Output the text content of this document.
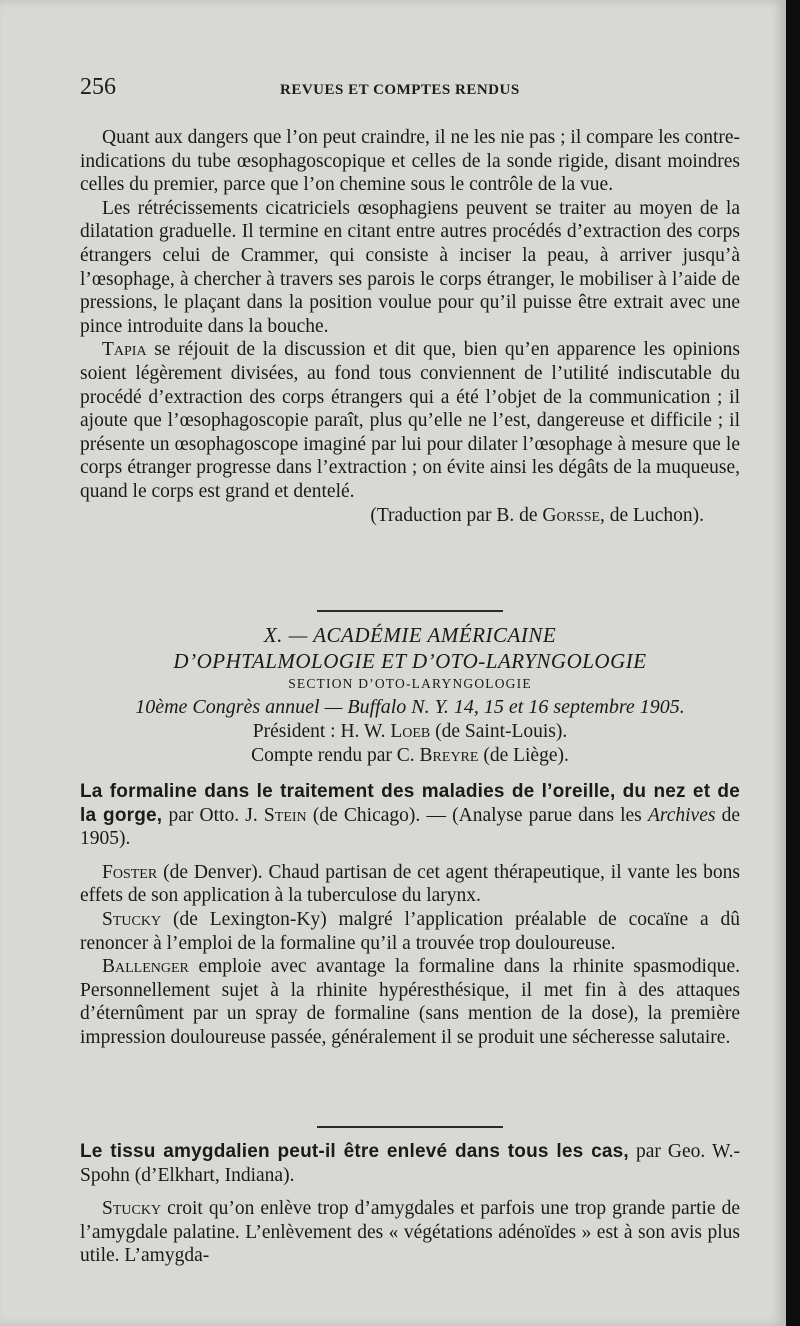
256	REVUES ET COMPTES RENDUS

Quant aux dangers que l’on peut craindre, il ne les nie pas ; il compare les contre-indications du tube œsophagoscopique et celles de la sonde rigide, disant moindres celles du premier, parce que l’on chemine sous le contrôle de la vue.

Les rétrécissements cicatriciels œsophagiens peuvent se traiter au moyen de la dilatation graduelle. Il termine en citant entre autres procédés d’extraction des corps étrangers celui de Crammer, qui consiste à inciser la peau, à arriver jusqu’à l’œsophage, à chercher à travers ses parois le corps étranger, le mobiliser à l’aide de pressions, le plaçant dans la position voulue pour qu’il puisse être extrait avec une pince introduite dans la bouche.

Tapia se réjouit de la discussion et dit que, bien qu’en apparence les opinions soient légèrement divisées, au fond tous conviennent de l’utilité indiscutable du procédé d’extraction des corps étrangers qui a été l’objet de la communication ; il ajoute que l’œsophagoscopie paraît, plus qu’elle ne l’est, dangereuse et difficile ; il présente un œsophagoscope imaginé par lui pour dilater l’œsophage à mesure que le corps étranger progresse dans l’extraction ; on évite ainsi les dégâts de la muqueuse, quand le corps est grand et dentelé.

(Traduction par B. de Gorsse, de Luchon).

X. — ACADÉMIE AMÉRICAINE

D’OPHTALMOLOGIE ET D’OTO-LARYNGOLOGIE

SECTION D’OTO-LARYNGOLOGIE

10ème Congrès annuel — Buffalo N. Y. 14, 15 et 16 septembre 1905.

Président : H. W. Loeb (de Saint-Louis).

Compte rendu par C. Breyre (de Liège).

La formaline dans le traitement des maladies de l’oreille, du nez et de la gorge, par Otto. J. Stein (de Chicago). — (Analyse parue dans les Archives de 1905).

Foster (de Denver). Chaud partisan de cet agent thérapeutique, il vante les bons effets de son application à la tuberculose du larynx.

Stucky (de Lexington-Ky) malgré l’application préalable de cocaïne a dû renoncer à l’emploi de la formaline qu’il a trouvée trop douloureuse.

Ballenger emploie avec avantage la formaline dans la rhinite spasmodique. Personnellement sujet à la rhinite hypéresthésique, il met fin à des attaques d’éternûment par un spray de formaline (sans mention de la dose), la première impression douloureuse passée, généralement il se produit une sécheresse salutaire.

Le tissu amygdalien peut-il être enlevé dans tous les cas, par Geo. W.-Spohn (d’Elkhart, Indiana).

Stucky croit qu’on enlève trop d’amygdales et parfois une trop grande partie de l’amygdale palatine. L’enlèvement des « végétations adénoïdes » est à son avis plus utile. L’amygda-
